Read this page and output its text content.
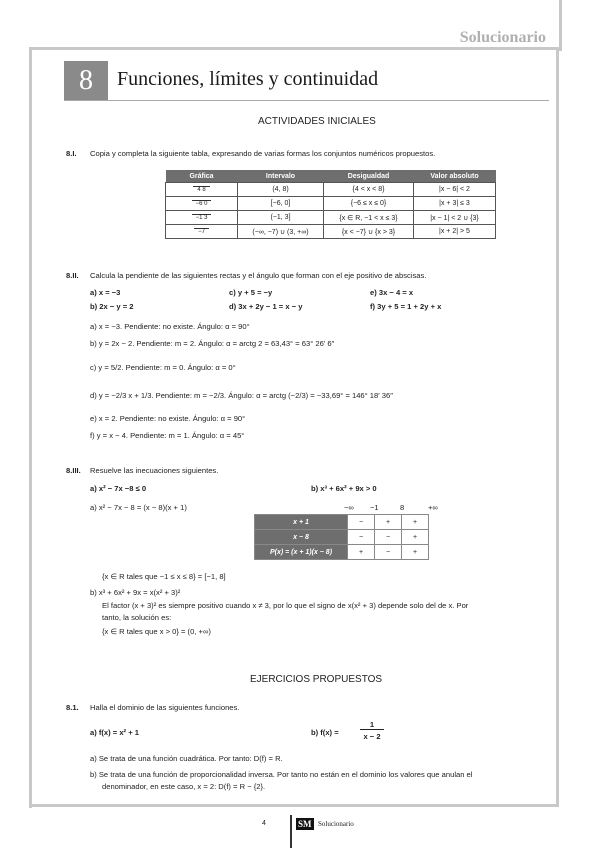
Solucionario
8	Funciones, límites y continuidad
ACTIVIDADES INICIALES
8.I. Copia y completa la siguiente tabla, expresando de varias formas los conjuntos numéricos propuestos.
Gráfica	Intervalo	Desigualdad	Valor absoluto
4 8	(4, 8)	{4 < x < 8}	|x − 6| < 2
−6 0	[−6, 0]	{−6 ≤ x ≤ 0}	|x + 3| ≤ 3
−1 3	(−1, 3]	{x ∈ R, −1 < x ≤ 3}	|x − 1| < 2 ∪ {3}
−7	(−∞, −7) ∪ (3, +∞)	{x < −7} ∪ {x > 3}	|x + 2| > 5
8.II. Calcula la pendiente de las siguientes rectas y el ángulo que forman con el eje positivo de abscisas.
a) x = −3	c) y + 5 = −y	e) 3x − 4 = x
b) 2x − y = 2	d) 3x + 2y − 1 = x − y	f) 3y + 5 = 1 + 2y + x
a) x = −3. Pendiente: no existe. Ángulo: α = 90°
b) y = 2x − 2. Pendiente: m = 2. Ángulo: α = arctg 2 = 63,43° = 63° 26′ 6″
c) y = 5/2. Pendiente: m = 0. Ángulo: α = 0°
d) y = −2/3 x + 1/3. Pendiente: m = −2/3. Ángulo: α = arctg (−2/3) = −33,69° = 146° 18′ 36″
e) x = 2. Pendiente: no existe. Ángulo: α = 90°
f) y = x − 4. Pendiente: m = 1. Ángulo: α = 45°
8.III. Resuelve las inecuaciones siguientes.
a) x² − 7x −8 ≤ 0	b) x³ + 6x² + 9x > 0
a) x² − 7x − 8 = (x − 8)(x + 1)	−∞ −1	8	+∞
x + 1	−	+	+
x − 8	−	−	+
P(x) = (x + 1)(x − 8)	+	−	+
{x ∈ R tales que −1 ≤ x ≤ 8} = [−1, 8]
b) x³ + 6x² + 9x = x(x² + 3)²
El factor (x + 3)² es siempre positivo cuando x ≠ 3, por lo que el signo de x(x² + 3) depende solo del de x. Por
tanto, la solución es:
{x ∈ R tales que x > 0} = (0, +∞)
EJERCICIOS PROPUESTOS
8.1. Halla el dominio de las siguientes funciones.
a) f(x) = x² + 1	b) f(x) =
1
x − 2
a) Se trata de una función cuadrática. Por tanto: D(f) = R.
b) Se trata de una función de proporcionalidad inversa. Por tanto no están en el dominio los valores que anulan el
denominador, en este caso, x = 2: D(f) = R − {2}.
4	SM Solucionario
